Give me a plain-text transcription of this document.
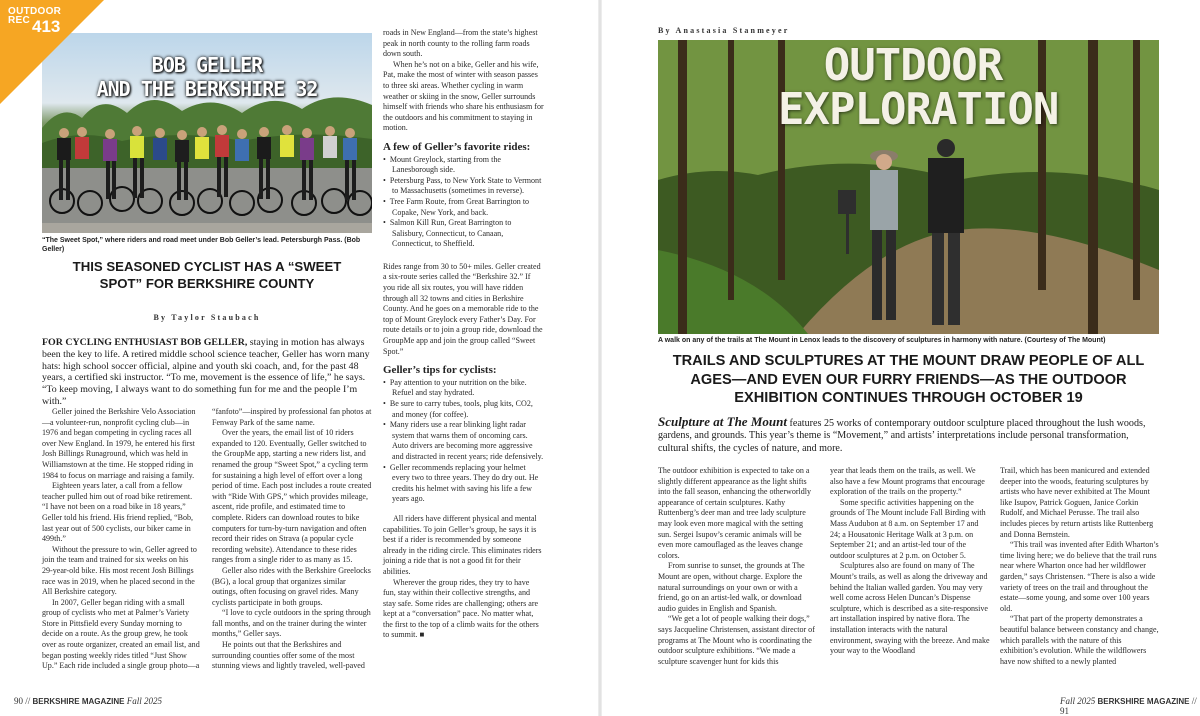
BOB GELLER
AND THE BERKSHIRE 32
OUTDOOR
REC 413
“The Sweet Spot,” where riders and road meet under Bob Geller’s lead. Petersburgh Pass. (Bob Geller)
THIS SEASONED CYCLIST HAS A “SWEET
SPOT” FOR BERKSHIRE COUNTY
By Taylor Staubach
FOR CYCLING ENTHUSIAST BOB GELLER, staying in motion has always been the key to life. A retired middle school science teacher, Geller has worn many hats: high school soccer official, alpine and youth ski coach, and, for the past 48 years, a certified ski instructor. “To me, movement is the essence of life,” he says. “To keep moving, I always want to do something fun for me and the people I’m with.”

Geller joined the Berkshire Velo Association—a volunteer-run, nonprofit cycling club—in 1976 and began competing in cycling races all over New England. In 1979, he entered his first Josh Billings Runaground, which was held in Williamstown at the time. He stopped riding in 1984 to focus on marriage and raising a family.

Eighteen years later, a call from a fellow teacher pulled him out of road bike retirement. “I have not been on a road bike in 18 years,” Geller told his friend. His friend replied, “Bob, last year out of 500 cyclists, our biker came in 499th.”

Without the pressure to win, Geller agreed to join the team and trained for six weeks on his 29-year-old bike. His most recent Josh Billings race was in 2019, when he placed second in the All Berkshire category.

In 2007, Geller began riding with a small group of cyclists who met at Palmer’s Variety Store in Pittsfield every Sunday morning to decide on a route. As the group grew, he took over as route organizer, created an email list, and began posting weekly rides titled “Just Show Up.” Each ride included a single group photo—a

“fanfoto”—inspired by professional fan photos at Fenway Park of the same name.

Over the years, the email list of 10 riders expanded to 120. Eventually, Geller switched to the GroupMe app, starting a new riders list, and renamed the group “Sweet Spot,” a cycling term for sustaining a high level of effort over a long period of time. Each post includes a route created with “Ride With GPS,” which provides mileage, ascent, ride profile, and estimated time to complete. Riders can download routes to bike computers for turn-by-turn navigation and often record their rides on Strava (a popular cycle recording website). Attendance to these rides ranges from a single rider to as many as 15.

Geller also rides with the Berkshire Greelocks (BG), a local group that organizes similar outings, often focusing on gravel rides. Many cyclists participate in both groups.

“I love to cycle outdoors in the spring through fall months, and on the trainer during the winter months,” Geller says.

He points out that the Berkshires and surrounding counties offer some of the most stunning views and lightly traveled, well-paved

roads in New England—from the state’s highest peak in north county to the rolling farm roads down south.

When he’s not on a bike, Geller and his wife, Pat, make the most of winter with season passes to three ski areas. Whether cycling in warm weather or skiing in the snow, Geller surrounds himself with friends who share his enthusiasm for the outdoors and his commitment to staying in motion.

A few of Geller’s favorite rides:
•  Mount Greylock, starting from the Lanesborough side.
•  Petersburg Pass, to New York State to Vermont to Massachusetts (sometimes in reverse).
•  Tree Farm Route, from Great Barrington to Copake, New York, and back.
•  Salmon Kill Run, Great Barrington to Salisbury, Connecticut, to Canaan, Connecticut, to Sheffield.

Rides range from 30 to 50+ miles. Geller created a six-route series called the “Berkshire 32.” If you ride all six routes, you will have ridden through all 32 towns and cities in Berkshire County. And he goes on a memorable ride to the top of Mount Greylock every Father’s Day. For route details or to join a group ride, download the GroupMe app and join the group called “Sweet Spot.”

Geller’s tips for cyclists:
•  Pay attention to your nutrition on the bike. Refuel and stay hydrated.
•  Be sure to carry tubes, tools, plug kits, CO2, and money (for coffee).
•  Many riders use a rear blinking light radar system that warns them of oncoming cars. Auto drivers are becoming more aggressive and distracted in recent years; ride defensively.
•  Geller recommends replacing your helmet every two to three years. They do dry out. He credits his helmet with saving his life a few years ago.

All riders have different physical and mental capabilities. To join Geller’s group, he says it is best if a rider is recommended by someone already in the riding circle. This eliminates riders joining a ride that is not a good fit for their abilities.

Wherever the group rides, they try to have fun, stay within their collective strengths, and stay safe. Some rides are challenging; others are kept at a “conversation” pace. No matter what, the first to the top of a climb waits for the others to summit. ■

90 // BERKSHIRE MAGAZINE Fall 2025
By Anastasia Stanmeyer
OUTDOOR
EXPLORATION
A walk on any of the trails at The Mount in Lenox leads to the discovery of sculptures in harmony with nature. (Courtesy of The Mount)
TRAILS AND SCULPTURES AT THE MOUNT DRAW PEOPLE OF ALL
AGES—AND EVEN OUR FURRY FRIENDS—AS THE OUTDOOR
EXHIBITION CONTINUES THROUGH OCTOBER 19
Sculpture at The Mount features 25 works of contemporary outdoor sculpture placed throughout the lush woods, gardens, and grounds. This year’s theme is “Movement,” and artists’ interpretations include personal transformation, cultural shifts, the cycles of nature, and more.

The outdoor exhibition is expected to take on a slightly different appearance as the light shifts into the fall season, enhancing the otherworldly appearance of certain sculptures. Kathy Ruttenberg’s deer man and tree lady sculpture may look even more magical with the setting sun. Sergei Isupov’s ceramic animals will be even more camouflaged as the leaves change colors.

From sunrise to sunset, the grounds at The Mount are open, without charge. Explore the natural surroundings on your own or with a friend, go on an artist-led walk, or download audio guides in English and Spanish.

“We get a lot of people walking their dogs,” says Jacqueline Christensen, assistant director of programs at The Mount who is coordinating the outdoor sculpture exhibitions. “We made a sculpture scavenger hunt for kids this

year that leads them on the trails, as well. We also have a few Mount programs that encourage exploration of the trails on the property.”

Some specific activities happening on the grounds of The Mount include Fall Birding with Mass Audubon at 8 a.m. on September 17 and 24; a Housatonic Heritage Walk at 3 p.m. on September 21; and an artist-led tour of the outdoor sculptures at 2 p.m. on October 5.

Sculptures also are found on many of The Mount’s trails, as well as along the driveway and behind the Italian walled garden. You may very well come across Helen Duncan’s Dispense sculpture, which is described as a site-responsive art installation inspired by native flora. The installation interacts with the natural environment, swaying with the breeze. And make your way to the Woodland

Trail, which has been manicured and extended deeper into the woods, featuring sculptures by artists who have never exhibited at The Mount like Isupov, Patrick Goguen, Janice Corkin Rudolf, and Michael Perusse. The trail also includes pieces by return artists like Ruttenberg and Donna Bernstein.

“This trail was invented after Edith Wharton’s time living here; we do believe that the trail runs near where Wharton once had her wildflower garden,” says Christensen. “There is also a wide variety of trees on the trail and throughout the estate—some young, and some over 100 years old.

“That part of the property demonstrates a beautiful balance between constancy and change, which parallels with the nature of this exhibition’s evolution. While the wildflowers have now shifted to a newly planted

Fall 2025 BERKSHIRE MAGAZINE // 91
